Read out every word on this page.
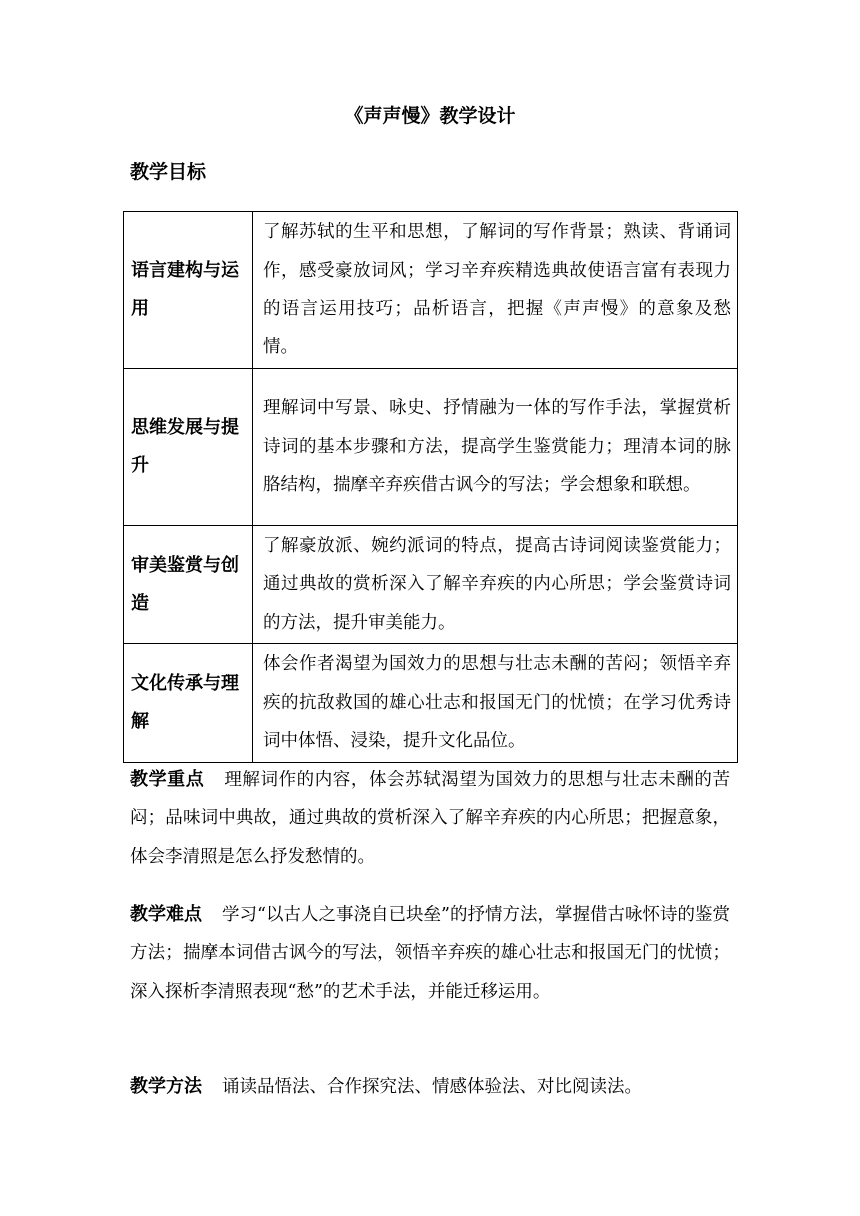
《声声慢》教学设计
教学目标
语言建构与运用	了解苏轼的生平和思想，了解词的写作背景；熟读、背诵词作，感受豪放词风；学习辛弃疾精选典故使语言富有表现力的语言运用技巧；品析语言，把握《声声慢》的意象及愁情。
思维发展与提升	理解词中写景、咏史、抒情融为一体的写作手法，掌握赏析诗词的基本步骤和方法，提高学生鉴赏能力；理清本词的脉胳结构，揣摩辛弃疾借古讽今的写法；学会想象和联想。
审美鉴赏与创造	了解豪放派、婉约派词的特点，提高古诗词阅读鉴赏能力；通过典故的赏析深入了解辛弃疾的内心所思；学会鉴赏诗词的方法，提升审美能力。
文化传承与理解	体会作者渴望为国效力的思想与壮志未酬的苦闷；领悟辛弃疾的抗敌救国的雄心壮志和报国无门的忧愤；在学习优秀诗词中体悟、浸染，提升文化品位。
教学重点 理解词作的内容，体会苏轼渴望为国效力的思想与壮志未酬的苦闷；品味词中典故，通过典故的赏析深入了解辛弃疾的内心所思；把握意象，体会李清照是怎么抒发愁情的。
教学难点 学习“以古人之事浇自已块垒”的抒情方法，掌握借古咏怀诗的鉴赏方法；揣摩本词借古讽今的写法，领悟辛弃疾的雄心壮志和报国无门的忧愤；深入探析李清照表现“愁”的艺术手法，并能迁移运用。
教学方法 诵读品悟法、合作探究法、情感体验法、对比阅读法。
